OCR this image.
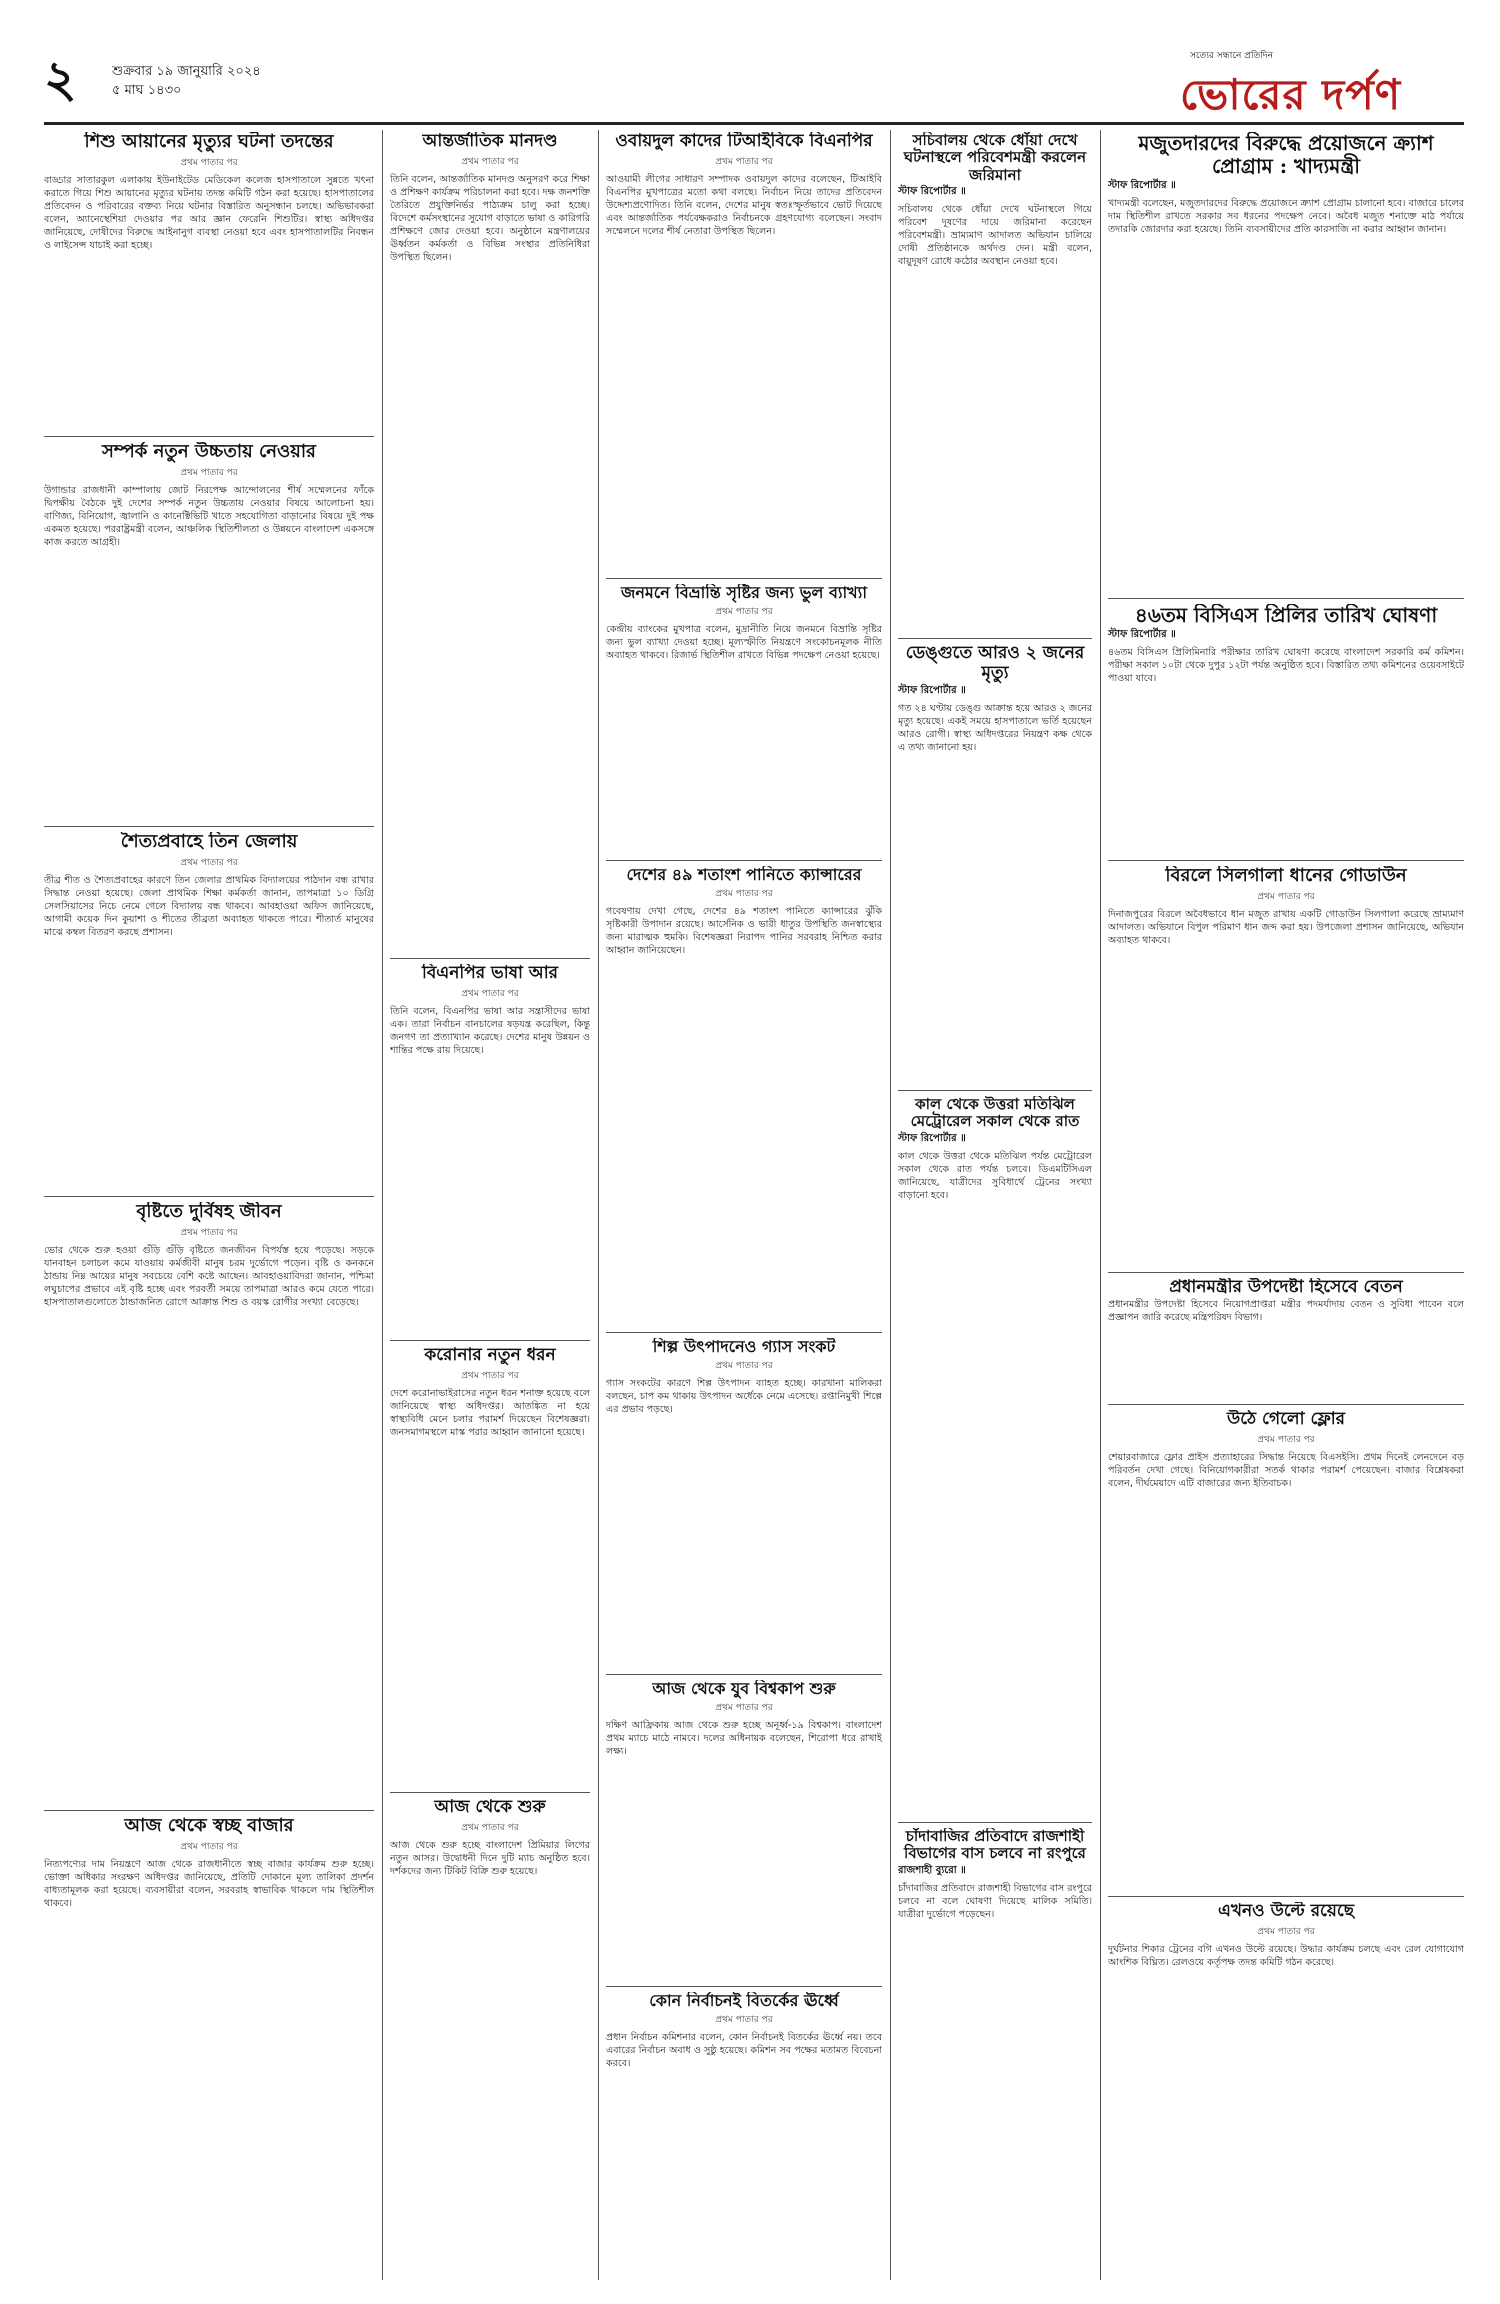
২	শুক্রবার ১৯ জানুয়ারি ২০২৪
৫ মাঘ ১৪৩০
সত্যের সন্ধানে প্রতিদিন
ভোরের দর্পণ
শিশু আয়ানের মৃত্যুর ঘটনা তদন্তের
প্রথম পাতার পর
বাড্ডার সাতারকুল এলাকায় ইউনাইটেড মেডিকেল কলেজ হাসপাতালে সুন্নতে খৎনা করাতে গিয়ে শিশু আয়ানের মৃত্যুর ঘটনায় তদন্ত কমিটি গঠন করা হয়েছে। হাসপাতালের প্রতিবেদন ও পরিবারের বক্তব্য নিয়ে ঘটনার বিস্তারিত অনুসন্ধান চলছে। অভিভাবকরা বলেন, অ্যানেস্থেশিয়া দেওয়ার পর আর জ্ঞান ফেরেনি শিশুটির। স্বাস্থ্য অধিদপ্তর জানিয়েছে, দোষীদের বিরুদ্ধে আইনানুগ ব্যবস্থা নেওয়া হবে এবং হাসপাতালটির নিবন্ধন ও লাইসেন্স যাচাই করা হচ্ছে।
সম্পর্ক নতুন উচ্চতায় নেওয়ার
প্রথম পাতার পর
উগান্ডার রাজধানী কাম্পালায় জোট নিরপেক্ষ আন্দোলনের শীর্ষ সম্মেলনের ফাঁকে দ্বিপক্ষীয় বৈঠকে দুই দেশের সম্পর্ক নতুন উচ্চতায় নেওয়ার বিষয়ে আলোচনা হয়। বাণিজ্য, বিনিয়োগ, জ্বালানি ও কানেক্টিভিটি খাতে সহযোগিতা বাড়ানোর বিষয়ে দুই পক্ষ একমত হয়েছে। পররাষ্ট্রমন্ত্রী বলেন, আঞ্চলিক স্থিতিশীলতা ও উন্নয়নে বাংলাদেশ একসঙ্গে কাজ করতে আগ্রহী।
শৈত্যপ্রবাহে তিন জেলায়
প্রথম পাতার পর
তীব্র শীত ও শৈত্যপ্রবাহের কারণে তিন জেলার প্রাথমিক বিদ্যালয়ের পাঠদান বন্ধ রাখার সিদ্ধান্ত নেওয়া হয়েছে। জেলা প্রাথমিক শিক্ষা কর্মকর্তা জানান, তাপমাত্রা ১০ ডিগ্রি সেলসিয়াসের নিচে নেমে গেলে বিদ্যালয় বন্ধ থাকবে। আবহাওয়া অফিস জানিয়েছে, আগামী কয়েক দিন কুয়াশা ও শীতের তীব্রতা অব্যাহত থাকতে পারে। শীতার্ত মানুষের মাঝে কম্বল বিতরণ করছে প্রশাসন।
বৃষ্টিতে দুর্বিষহ জীবন
প্রথম পাতার পর
ভোর থেকে শুরু হওয়া গুঁড়ি গুঁড়ি বৃষ্টিতে জনজীবন বিপর্যস্ত হয়ে পড়েছে। সড়কে যানবাহন চলাচল কমে যাওয়ায় কর্মজীবী মানুষ চরম দুর্ভোগে পড়েন। বৃষ্টি ও কনকনে ঠান্ডায় নিম্ন আয়ের মানুষ সবচেয়ে বেশি কষ্টে আছেন। আবহাওয়াবিদরা জানান, পশ্চিমা লঘুচাপের প্রভাবে এই বৃষ্টি হচ্ছে এবং পরবর্তী সময়ে তাপমাত্রা আরও কমে যেতে পারে। হাসপাতালগুলোতে ঠান্ডাজনিত রোগে আক্রান্ত শিশু ও বয়স্ক রোগীর সংখ্যা বেড়েছে।
আজ থেকে স্বচ্ছ বাজার
প্রথম পাতার পর
নিত্যপণ্যের দাম নিয়ন্ত্রণে আজ থেকে রাজধানীতে স্বচ্ছ বাজার কার্যক্রম শুরু হচ্ছে। ভোক্তা অধিকার সংরক্ষণ অধিদপ্তর জানিয়েছে, প্রতিটি দোকানে মূল্য তালিকা প্রদর্শন বাধ্যতামূলক করা হয়েছে। ব্যবসায়ীরা বলেন, সরবরাহ স্বাভাবিক থাকলে দাম স্থিতিশীল থাকবে।
আন্তর্জাতিক মানদণ্ড
প্রথম পাতার পর
তিনি বলেন, আন্তর্জাতিক মানদণ্ড অনুসরণ করে শিক্ষা ও প্রশিক্ষণ কার্যক্রম পরিচালনা করা হবে। দক্ষ জনশক্তি তৈরিতে প্রযুক্তিনির্ভর পাঠ্যক্রম চালু করা হচ্ছে। বিদেশে কর্মসংস্থানের সুযোগ বাড়াতে ভাষা ও কারিগরি প্রশিক্ষণে জোর দেওয়া হবে। অনুষ্ঠানে মন্ত্রণালয়ের ঊর্ধ্বতন কর্মকর্তা ও বিভিন্ন সংস্থার প্রতিনিধিরা উপস্থিত ছিলেন।
বিএনপির ভাষা আর
প্রথম পাতার পর
তিনি বলেন, বিএনপির ভাষা আর সন্ত্রাসীদের ভাষা এক। তারা নির্বাচন বানচালের ষড়যন্ত্র করেছিল, কিন্তু জনগণ তা প্রত্যাখ্যান করেছে। দেশের মানুষ উন্নয়ন ও শান্তির পক্ষে রায় দিয়েছে।
করোনার নতুন ধরন
প্রথম পাতার পর
দেশে করোনাভাইরাসের নতুন ধরন শনাক্ত হয়েছে বলে জানিয়েছে স্বাস্থ্য অধিদপ্তর। আতঙ্কিত না হয়ে স্বাস্থ্যবিধি মেনে চলার পরামর্শ দিয়েছেন বিশেষজ্ঞরা। জনসমাগমস্থলে মাস্ক পরার আহ্বান জানানো হয়েছে।
আজ থেকে শুরু
প্রথম পাতার পর
আজ থেকে শুরু হচ্ছে বাংলাদেশ প্রিমিয়ার লিগের নতুন আসর। উদ্বোধনী দিনে দুটি ম্যাচ অনুষ্ঠিত হবে। দর্শকদের জন্য টিকিট বিক্রি শুরু হয়েছে।
ওবায়দুল কাদের টিআইবিকে বিএনপির
প্রথম পাতার পর
আওয়ামী লীগের সাধারণ সম্পাদক ওবায়দুল কাদের বলেছেন, টিআইবি বিএনপির মুখপাত্রের মতো কথা বলছে। নির্বাচন নিয়ে তাদের প্রতিবেদন উদ্দেশ্যপ্রণোদিত। তিনি বলেন, দেশের মানুষ স্বতঃস্ফূর্তভাবে ভোট দিয়েছে এবং আন্তর্জাতিক পর্যবেক্ষকরাও নির্বাচনকে গ্রহণযোগ্য বলেছেন। সংবাদ সম্মেলনে দলের শীর্ষ নেতারা উপস্থিত ছিলেন।
জনমনে বিভ্রান্তি সৃষ্টির জন্য ভুল ব্যাখ্যা
প্রথম পাতার পর
কেন্দ্রীয় ব্যাংকের মুখপাত্র বলেন, মুদ্রানীতি নিয়ে জনমনে বিভ্রান্তি সৃষ্টির জন্য ভুল ব্যাখ্যা দেওয়া হচ্ছে। মূল্যস্ফীতি নিয়ন্ত্রণে সংকোচনমূলক নীতি অব্যাহত থাকবে। রিজার্ভ স্থিতিশীল রাখতে বিভিন্ন পদক্ষেপ নেওয়া হয়েছে।
দেশের ৪৯ শতাংশ পানিতে ক্যান্সারের
প্রথম পাতার পর
গবেষণায় দেখা গেছে, দেশের ৪৯ শতাংশ পানিতে ক্যান্সারের ঝুঁকি সৃষ্টিকারী উপাদান রয়েছে। আর্সেনিক ও ভারী ধাতুর উপস্থিতি জনস্বাস্থ্যের জন্য মারাত্মক হুমকি। বিশেষজ্ঞরা নিরাপদ পানির সরবরাহ নিশ্চিত করার আহ্বান জানিয়েছেন।
শিল্প উৎপাদনেও গ্যাস সংকট
প্রথম পাতার পর
গ্যাস সংকটের কারণে শিল্প উৎপাদন ব্যাহত হচ্ছে। কারখানা মালিকরা বলছেন, চাপ কম থাকায় উৎপাদন অর্ধেকে নেমে এসেছে। রপ্তানিমুখী শিল্পে এর প্রভাব পড়ছে।
আজ থেকে যুব বিশ্বকাপ শুরু
প্রথম পাতার পর
দক্ষিণ আফ্রিকায় আজ থেকে শুরু হচ্ছে অনূর্ধ্ব-১৯ বিশ্বকাপ। বাংলাদেশ প্রথম ম্যাচে মাঠে নামবে। দলের অধিনায়ক বলেছেন, শিরোপা ধরে রাখাই লক্ষ্য।
কোন নির্বাচনই বিতর্কের ঊর্ধ্বে
প্রথম পাতার পর
প্রধান নির্বাচন কমিশনার বলেন, কোন নির্বাচনই বিতর্কের ঊর্ধ্বে নয়। তবে এবারের নির্বাচন অবাধ ও সুষ্ঠু হয়েছে। কমিশন সব পক্ষের মতামত বিবেচনা করবে।
সচিবালয় থেকে ধোঁয়া দেখে ঘটনাস্থলে পরিবেশমন্ত্রী করলেন জরিমানা
স্টাফ রিপোর্টার ॥
সচিবালয় থেকে ধোঁয়া দেখে ঘটনাস্থলে গিয়ে পরিবেশ দূষণের দায়ে জরিমানা করেছেন পরিবেশমন্ত্রী। ভ্রাম্যমাণ আদালত অভিযান চালিয়ে দোষী প্রতিষ্ঠানকে অর্থদণ্ড দেন। মন্ত্রী বলেন, বায়ুদূষণ রোধে কঠোর অবস্থান নেওয়া হবে।
ডেঙ্গুতে আরও ২ জনের মৃত্যু
স্টাফ রিপোর্টার ॥
গত ২৪ ঘণ্টায় ডেঙ্গু আক্রান্ত হয়ে আরও ২ জনের মৃত্যু হয়েছে। একই সময়ে হাসপাতালে ভর্তি হয়েছেন আরও রোগী। স্বাস্থ্য অধিদপ্তরের নিয়ন্ত্রণ কক্ষ থেকে এ তথ্য জানানো হয়।
কাল থেকে উত্তরা মতিঝিল মেট্রোরেল সকাল থেকে রাত
স্টাফ রিপোর্টার ॥
কাল থেকে উত্তরা থেকে মতিঝিল পর্যন্ত মেট্রোরেল সকাল থেকে রাত পর্যন্ত চলবে। ডিএমটিসিএল জানিয়েছে, যাত্রীদের সুবিধার্থে ট্রেনের সংখ্যা বাড়ানো হবে।
চাঁদাবাজির প্রতিবাদে রাজশাহী বিভাগের বাস চলবে না রংপুরে
রাজশাহী ব্যুরো ॥
চাঁদাবাজির প্রতিবাদে রাজশাহী বিভাগের বাস রংপুরে চলবে না বলে ঘোষণা দিয়েছে মালিক সমিতি। যাত্রীরা দুর্ভোগে পড়েছেন।
মজুতদারদের বিরুদ্ধে প্রয়োজনে ক্র্যাশ প্রোগ্রাম : খাদ্যমন্ত্রী
স্টাফ রিপোর্টার ॥
খাদ্যমন্ত্রী বলেছেন, মজুতদারদের বিরুদ্ধে প্রয়োজনে ক্র্যাশ প্রোগ্রাম চালানো হবে। বাজারে চালের দাম স্থিতিশীল রাখতে সরকার সব ধরনের পদক্ষেপ নেবে। অবৈধ মজুত শনাক্তে মাঠ পর্যায়ে তদারকি জোরদার করা হয়েছে। তিনি ব্যবসায়ীদের প্রতি কারসাজি না করার আহ্বান জানান।
৪৬তম বিসিএস প্রিলির তারিখ ঘোষণা
স্টাফ রিপোর্টার ॥
৪৬তম বিসিএস প্রিলিমিনারি পরীক্ষার তারিখ ঘোষণা করেছে বাংলাদেশ সরকারি কর্ম কমিশন। পরীক্ষা সকাল ১০টা থেকে দুপুর ১২টা পর্যন্ত অনুষ্ঠিত হবে। বিস্তারিত তথ্য কমিশনের ওয়েবসাইটে পাওয়া যাবে।
বিরলে সিলগালা ধানের গোডাউন
প্রথম পাতার পর
দিনাজপুরের বিরলে অবৈধভাবে ধান মজুত রাখায় একটি গোডাউন সিলগালা করেছে ভ্রাম্যমাণ আদালত। অভিযানে বিপুল পরিমাণ ধান জব্দ করা হয়। উপজেলা প্রশাসন জানিয়েছে, অভিযান অব্যাহত থাকবে।
প্রধানমন্ত্রীর উপদেষ্টা হিসেবে বেতন
প্রধানমন্ত্রীর উপদেষ্টা হিসেবে নিয়োগপ্রাপ্তরা মন্ত্রীর পদমর্যাদায় বেতন ও সুবিধা পাবেন বলে প্রজ্ঞাপন জারি করেছে মন্ত্রিপরিষদ বিভাগ।
উঠে গেলো ফ্লোর
প্রথম পাতার পর
শেয়ারবাজারে ফ্লোর প্রাইস প্রত্যাহারের সিদ্ধান্ত নিয়েছে বিএসইসি। প্রথম দিনেই লেনদেনে বড় পরিবর্তন দেখা গেছে। বিনিয়োগকারীরা সতর্ক থাকার পরামর্শ পেয়েছেন। বাজার বিশ্লেষকরা বলেন, দীর্ঘমেয়াদে এটি বাজারের জন্য ইতিবাচক।
এখনও উল্টে রয়েছে
প্রথম পাতার পর
দুর্ঘটনার শিকার ট্রেনের বগি এখনও উল্টে রয়েছে। উদ্ধার কার্যক্রম চলছে এবং রেল যোগাযোগ আংশিক বিঘ্নিত। রেলওয়ে কর্তৃপক্ষ তদন্ত কমিটি গঠন করেছে।
